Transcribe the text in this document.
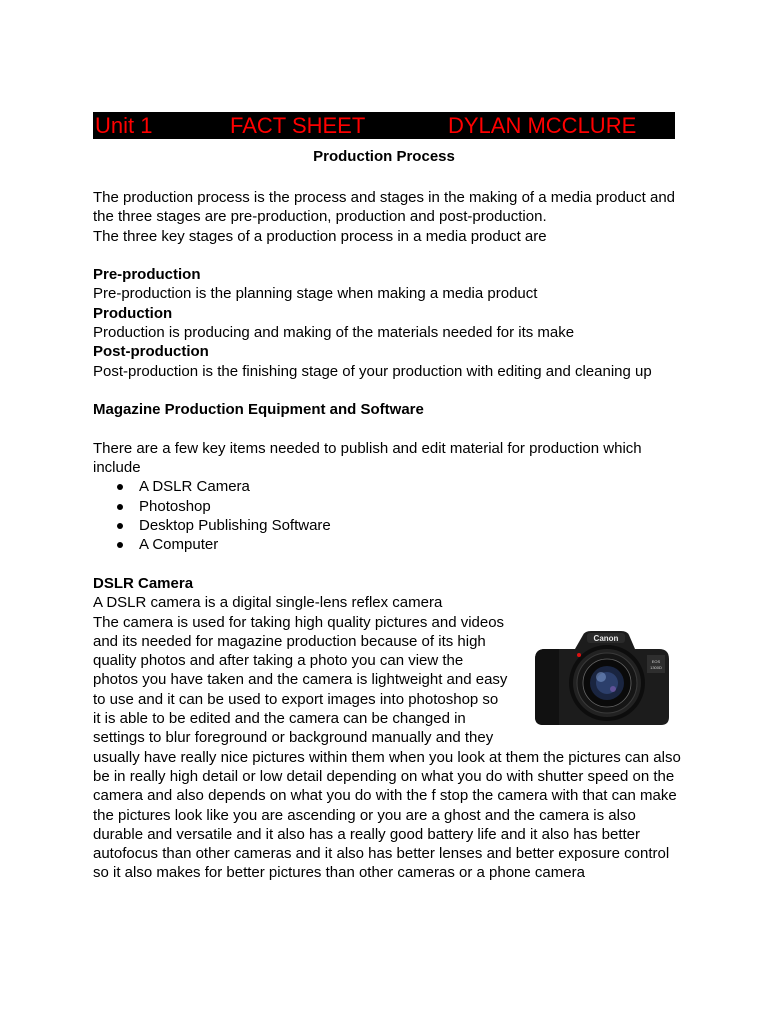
Unit 1	FACT SHEET	DYLAN MCCLURE
Production Process

The production process is the process and stages in the making of a media product and the three stages are pre-production, production and post-production.

The three key stages of a production process in a media product are

Pre-production

Pre-production is the planning stage when making a media product

Production

Production is producing and making of the materials needed for its make

Post-production

Post-production is the finishing stage of your production with editing and cleaning up

Magazine Production Equipment and Software

There are a few key items needed to publish and edit material for production which include

A DSLR Camera
Photoshop
Desktop Publishing Software
A Computer

DSLR Camera

A DSLR camera is a digital single-lens reflex camera

Canon
EOS
1300D

The camera is used for taking high quality pictures and videos and its needed for magazine production because of its high quality photos and after taking a photo you can view the photos you have taken and the camera is lightweight and easy to use and it can be used to export images into photoshop so it is able to be edited and the camera can be changed in settings to blur foreground or background manually and they usually have really nice pictures within them when you look at them the pictures can also be in really high detail or low detail depending on what you do with shutter speed on the camera and also depends on what you do with the f stop the camera with that can make the pictures look like you are ascending or you are a ghost and the camera is also durable and versatile and it also has a really good battery life and it also has better autofocus than other cameras and it also has better lenses and better exposure control so it also makes for better pictures than other cameras or a phone camera
